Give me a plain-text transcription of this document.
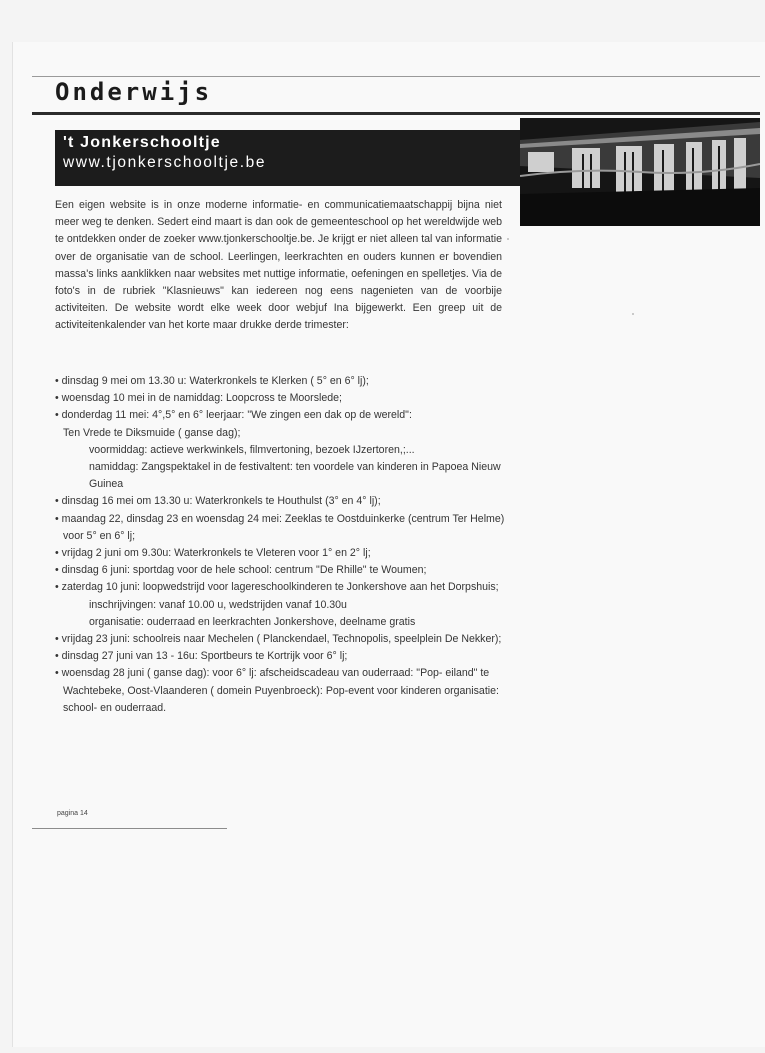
Onderwijs
't Jonkerschooltje
www.tjonkerschooltje.be
Een eigen website is in onze moderne informatie- en communicatiemaatschappij bijna niet meer weg te denken. Sedert eind maart is dan ook de gemeenteschool op het wereldwijde web te ontdekken onder de zoeker www.tjonkerschooltje.be. Je krijgt er niet alleen tal van informatie over de organisatie van de school. Leerlingen, leerkrachten en ouders kunnen er bovendien massa's links aanklikken naar websites met nuttige informatie, oefeningen en spelletjes. Via de foto's in de rubriek "Klasnieuws" kan iedereen nog eens nagenieten van de voorbije activiteiten. De website wordt elke week door webjuf Ina bijgewerkt. Een greep uit de activiteitenkalender van het korte maar drukke derde trimester:

• dinsdag 9 mei om 13.30 u: Waterkronkels te Klerken ( 5° en 6° lj);

• woensdag 10 mei in de namiddag: Loopcross te Moorslede;

• donderdag 11 mei: 4°,5° en 6° leerjaar: "We zingen een dak op de wereld":

Ten Vrede te Diksmuide ( ganse dag);

voormiddag: actieve werkwinkels, filmvertoning, bezoek IJzertoren,;...

namiddag: Zangspektakel in de festivaltent: ten voordele van kinderen in Papoea Nieuw Guinea

• dinsdag 16 mei om 13.30 u: Waterkronkels te Houthulst (3° en 4° lj);

• maandag 22, dinsdag 23 en woensdag 24 mei: Zeeklas te Oostduinkerke (centrum Ter Helme) voor 5° en 6° lj;

• vrijdag 2 juni om 9.30u: Waterkronkels te Vleteren voor 1° en 2° lj;

• dinsdag 6 juni: sportdag voor de hele school: centrum "De Rhille" te Woumen;

• zaterdag 10 juni: loopwedstrijd voor lagereschoolkinderen te Jonkershove aan het Dorpshuis;

inschrijvingen: vanaf 10.00 u, wedstrijden vanaf 10.30u

organisatie: ouderraad en leerkrachten Jonkershove, deelname gratis

• vrijdag 23 juni: schoolreis naar Mechelen ( Planckendael, Technopolis, speelplein De Nekker);

• dinsdag 27 juni van 13 - 16u: Sportbeurs te Kortrijk voor 6° lj;

• woensdag 28 juni ( ganse dag): voor 6° lj: afscheidscadeau van ouderraad: "Pop- eiland" te Wachtebeke, Oost-Vlaanderen ( domein Puyenbroeck): Pop-event voor kinderen organisatie: school- en ouderraad.

pagina 14
